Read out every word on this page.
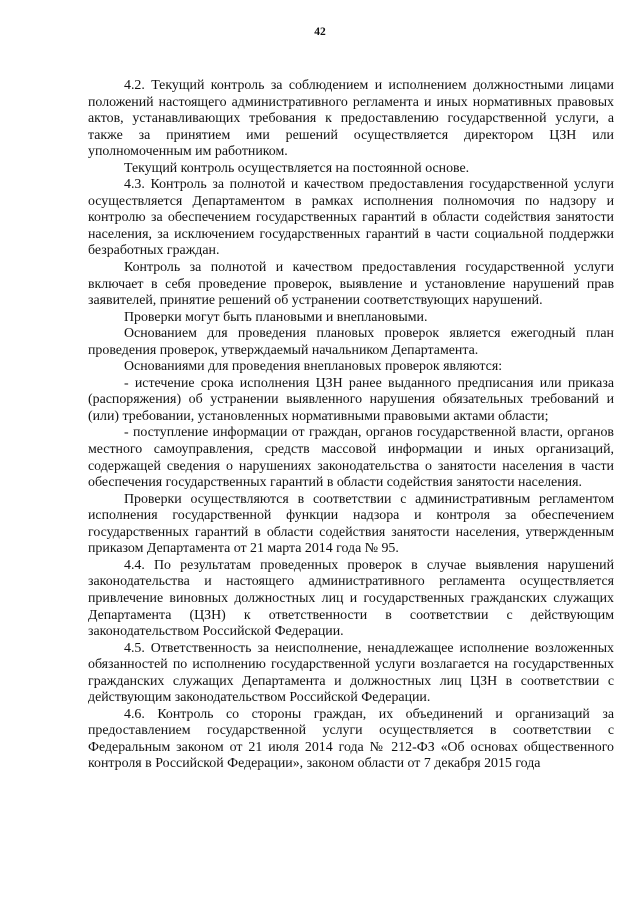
42

4.2. Текущий контроль за соблюдением и исполнением должностными лицами положений настоящего административного регламента и иных нормативных правовых актов, устанавливающих требования к предоставлению государственной услуги, а также за принятием ими решений осуществляется директором ЦЗН или уполномоченным им работником.

Текущий контроль осуществляется на постоянной основе.

4.3. Контроль за полнотой и качеством предоставления государственной услуги осуществляется Департаментом в рамках исполнения полномочия по надзору и контролю за обеспечением государственных гарантий в области содействия занятости населения, за исключением государственных гарантий в части социальной поддержки безработных граждан.

Контроль за полнотой и качеством предоставления государственной услуги включает в себя проведение проверок, выявление и установление нарушений прав заявителей, принятие решений об устранении соответствующих нарушений.

Проверки могут быть плановыми и внеплановыми.

Основанием для проведения плановых проверок является ежегодный план проведения проверок, утверждаемый начальником Департамента.

Основаниями для проведения внеплановых проверок являются:

- истечение срока исполнения ЦЗН ранее выданного предписания или приказа (распоряжения) об устранении выявленного нарушения обязательных требований и (или) требовании, установленных нормативными правовыми актами области;

- поступление информации от граждан, органов государственной власти, органов местного самоуправления, средств массовой информации и иных организаций, содержащей сведения о нарушениях законодательства о занятости населения в части обеспечения государственных гарантий в области содействия занятости населения.

Проверки осуществляются в соответствии с административным регламентом исполнения государственной функции надзора и контроля за обеспечением государственных гарантий в области содействия занятости населения, утвержденным приказом Департамента от 21 марта 2014 года № 95.

4.4. По результатам проведенных проверок в случае выявления нарушений законодательства и настоящего административного регламента осуществляется привлечение виновных должностных лиц и государственных гражданских служащих Департамента (ЦЗН) к ответственности в соответствии с действующим законодательством Российской Федерации.

4.5. Ответственность за неисполнение, ненадлежащее исполнение возложенных обязанностей по исполнению государственной услуги возлагается на государственных гражданских служащих Департамента и должностных лиц ЦЗН в соответствии с действующим законодательством Российской Федерации.

4.6. Контроль со стороны граждан, их объединений и организаций за предоставлением государственной услуги осуществляется в соответствии с Федеральным законом от 21 июля 2014 года № 212-ФЗ «Об основах общественного контроля в Российской Федерации», законом области от 7 декабря 2015 года
